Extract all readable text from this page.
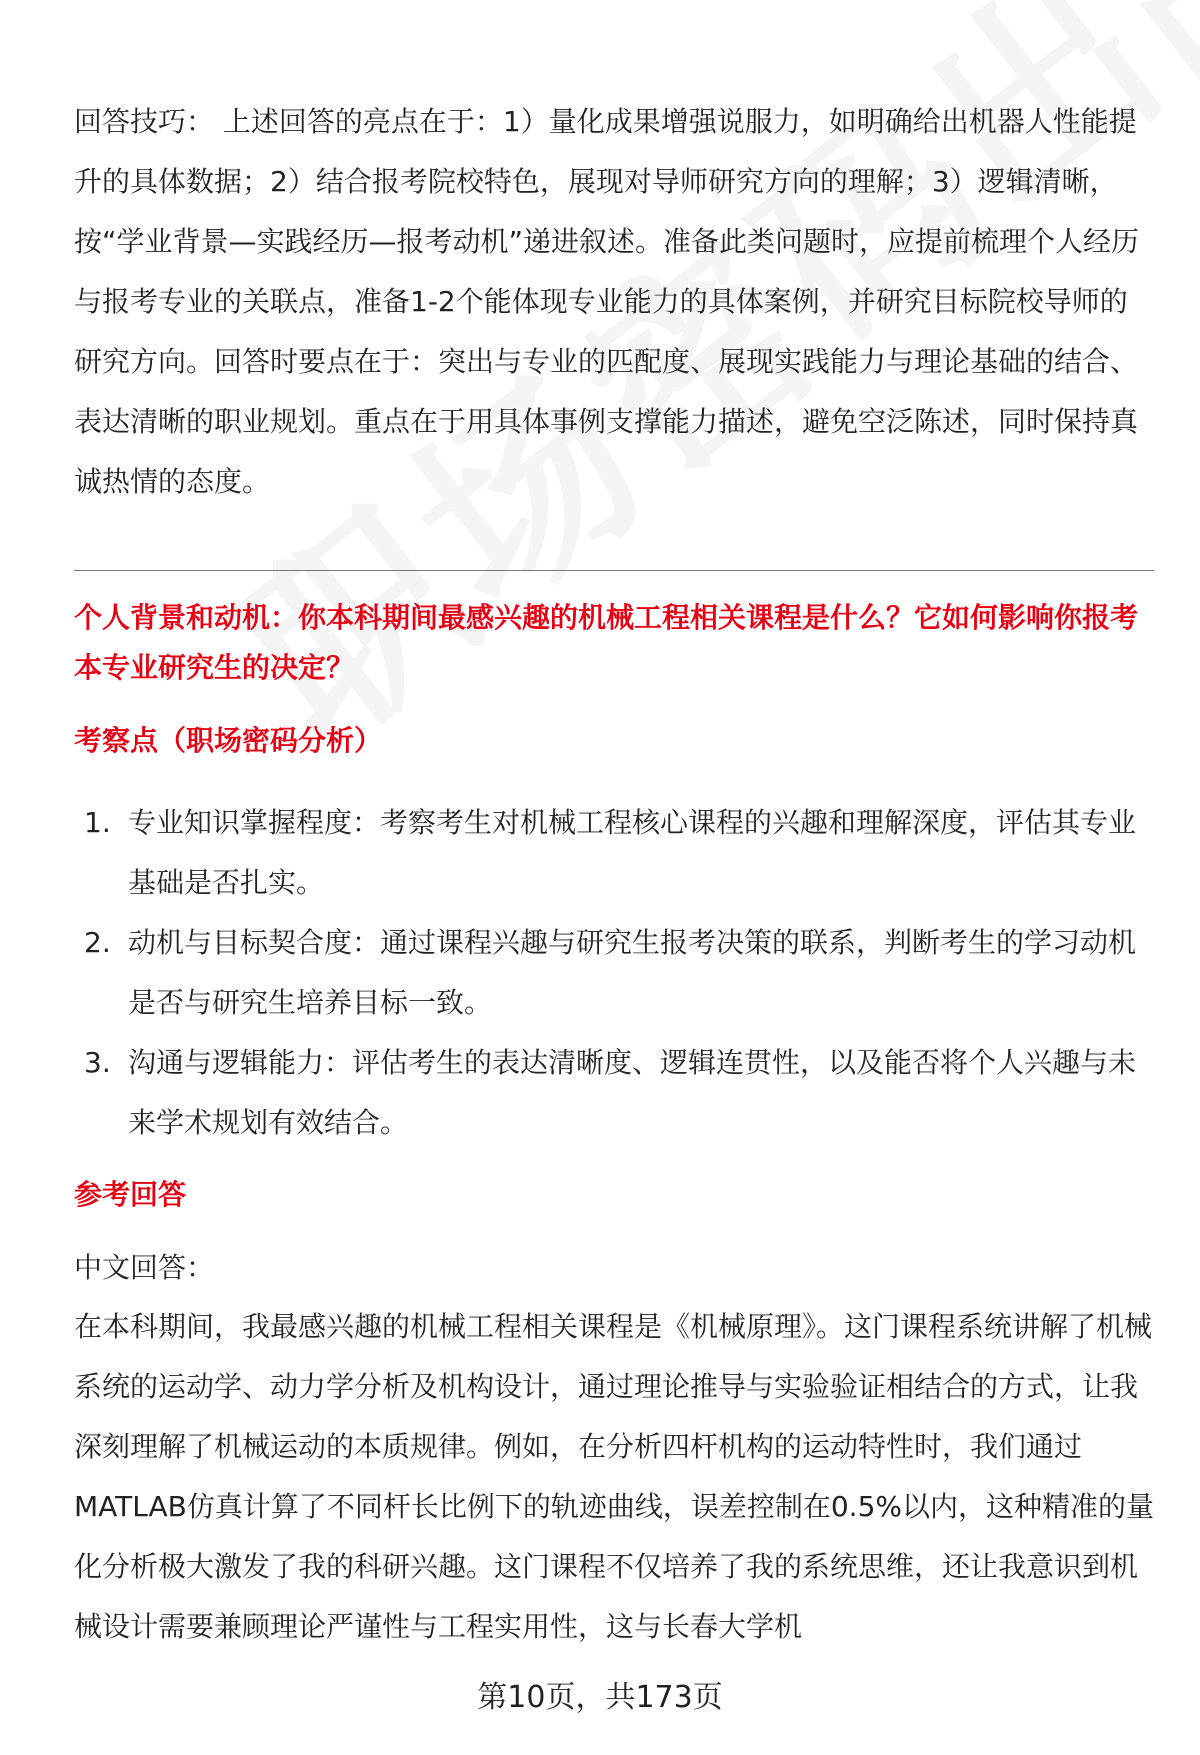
回答技巧： 上述回答的亮点在于：1）量化成果增强说服力，如明确给出机器人性能提升的具体数据；2）结合报考院校特色，展现对导师研究方向的理解；3）逻辑清晰，按“学业背景—实践经历—报考动机”递进叙述。准备此类问题时，应提前梳理个人经历与报考专业的关联点，准备1-2个能体现专业能力的具体案例，并研究目标院校导师的研究方向。回答时要点在于：突出与专业的匹配度、展现实践能力与理论基础的结合、表达清晰的职业规划。重点在于用具体事例支撑能力描述，避免空泛陈述，同时保持真诚热情的态度。

个人背景和动机：你本科期间最感兴趣的机械工程相关课程是什么？它如何影响你报考本专业研究生的决定？

考察点（职场密码分析）

1. 专业知识掌握程度：考察考生对机械工程核心课程的兴趣和理解深度，评估其专业基础是否扎实。
2. 动机与目标契合度：通过课程兴趣与研究生报考决策的联系，判断考生的学习动机是否与研究生培养目标一致。
3. 沟通与逻辑能力：评估考生的表达清晰度、逻辑连贯性，以及能否将个人兴趣与未来学术规划有效结合。

参考回答

中文回答：

在本科期间，我最感兴趣的机械工程相关课程是《机械原理》。这门课程系统讲解了机械系统的运动学、动力学分析及机构设计，通过理论推导与实验验证相结合的方式，让我深刻理解了机械运动的本质规律。例如，在分析四杆机构的运动特性时，我们通过MATLAB仿真计算了不同杆长比例下的轨迹曲线，误差控制在0.5%以内，这种精准的量化分析极大激发了我的科研兴趣。这门课程不仅培养了我的系统思维，还让我意识到机械设计需要兼顾理论严谨性与工程实用性，这与长春大学机

第10页，共173页
